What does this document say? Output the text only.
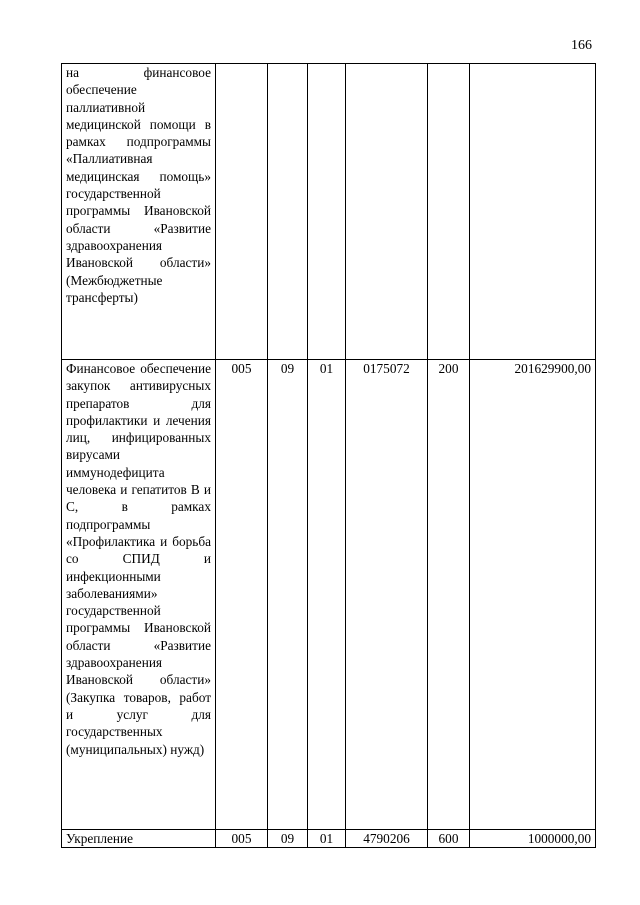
166
на финансовое обеспечение паллиативной медицинской помощи в рамках подпрограммы «Паллиативная медицинская помощь» государственной программы Ивановской области «Развитие здравоохранения Ивановской области» (Межбюджетные трансферты)						
Финансовое обеспечение закупок антивирусных препаратов для профилактики и лечения лиц, инфицированных вирусами иммунодефицита человека и гепатитов B и C, в рамках подпрограммы «Профилактика и борьба со СПИД и инфекционными заболеваниями» государственной программы Ивановской области «Развитие здравоохранения Ивановской области» (Закупка товаров, работ и услуг для государственных (муниципальных) нужд)	005	09	01	0175072	200	201629900,00
Укрепление	005	09	01	4790206	600	1000000,00
